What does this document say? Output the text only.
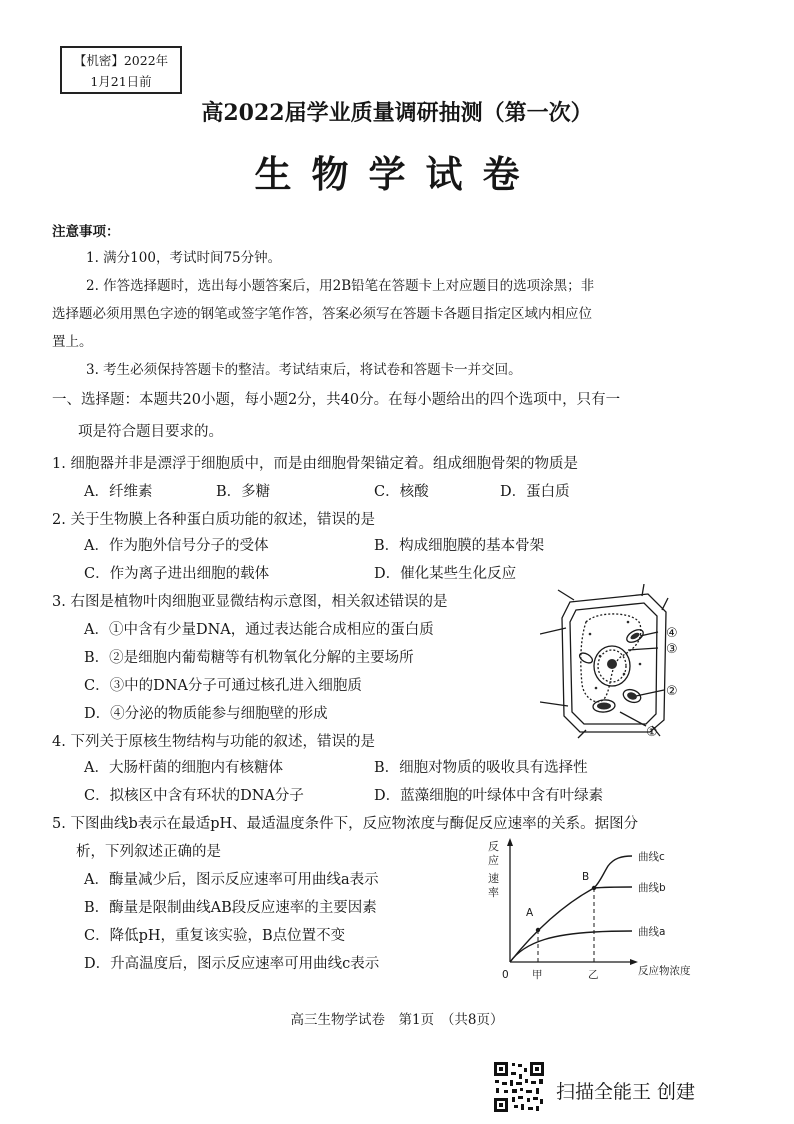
【机密】2022年
1月21日前
高2022届学业质量调研抽测（第一次）
生物学试卷
注意事项：
1. 满分100，考试时间75分钟。
2. 作答选择题时，选出每小题答案后，用2B铅笔在答题卡上对应题目的选项涂黑；非
选择题必须用黑色字迹的钢笔或签字笔作答，答案必须写在答题卡各题目指定区域内相应位
置上。
3. 考生必须保持答题卡的整洁。考试结束后，将试卷和答题卡一并交回。
一、选择题：本题共20小题，每小题2分，共40分。在每小题给出的四个选项中，只有一
项是符合题目要求的。
1. 细胞器并非是漂浮于细胞质中，而是由细胞骨架锚定着。组成细胞骨架的物质是
A．纤维素	B．多糖	C．核酸	D．蛋白质
2. 关于生物膜上各种蛋白质功能的叙述，错误的是
A．作为胞外信号分子的受体	B．构成细胞膜的基本骨架
C．作为离子进出细胞的载体	D．催化某些生化反应
3. 右图是植物叶肉细胞亚显微结构示意图，相关叙述错误的是
A．①中含有少量DNA，通过表达能合成相应的蛋白质
B．②是细胞内葡萄糖等有机物氧化分解的主要场所
C．③中的DNA分子可通过核孔进入细胞质
D．④分泌的物质能参与细胞壁的形成
④
③
②
①
4. 下列关于原核生物结构与功能的叙述，错误的是
A．大肠杆菌的细胞内有核糖体	B．细胞对物质的吸收具有选择性
C．拟核区中含有环状的DNA分子	D．蓝藻细胞的叶绿体中含有叶绿素
5. 下图曲线b表示在最适pH、最适温度条件下，反应物浓度与酶促反应速率的关系。据图分
析，下列叙述正确的是
A．酶量减少后，图示反应速率可用曲线a表示
B．酶量是限制曲线AB段反应速率的主要因素
C．降低pH，重复该实验，B点位置不变
D．升高温度后，图示反应速率可用曲线c表示
反
应
速
率
A
B
曲线c
曲线b
曲线a
0 甲	乙	反应物浓度
高三生物学试卷　第1页　（共8页）
扫描全能王 创建
